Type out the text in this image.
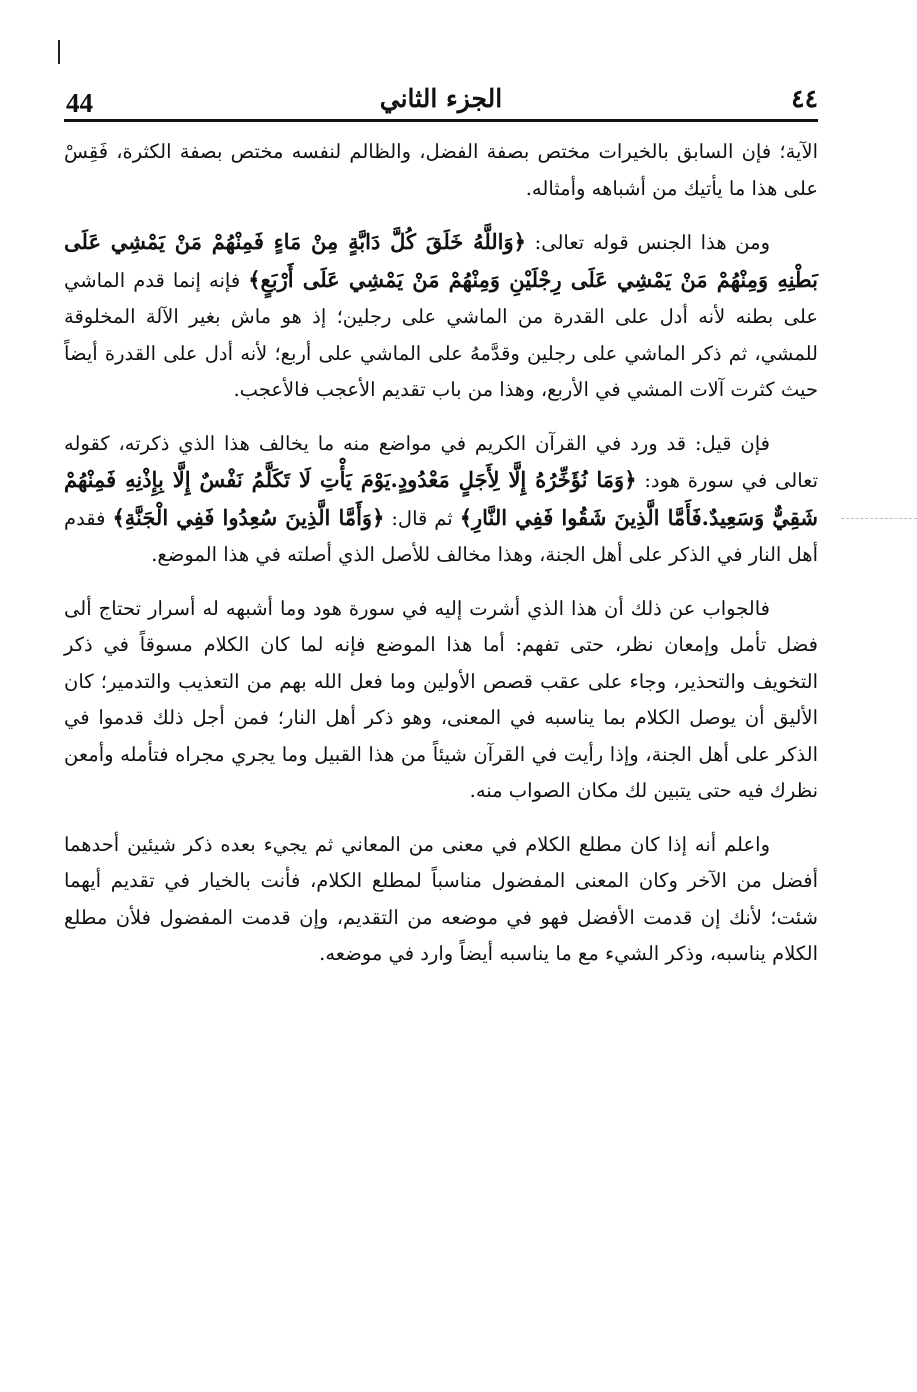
44	الجزء الثاني	٤٤

الآية؛ فإن السابق بالخيرات مختص بصفة الفضل، والظالم لنفسه مختص بصفة الكثرة، فَقِسْ على هذا ما يأتيك من أشباهه وأمثاله.

ومن هذا الجنس قوله تعالى: ﴿وَاللَّهُ خَلَقَ كُلَّ دَابَّةٍ مِنْ مَاءٍ فَمِنْهُمْ مَنْ يَمْشِي عَلَى بَطْنِهِ وَمِنْهُمْ مَنْ يَمْشِي عَلَى رِجْلَيْنِ وَمِنْهُمْ مَنْ يَمْشِي عَلَى أَرْبَعٍ﴾ فإنه إنما قدم الماشي على بطنه لأنه أدل على القدرة من الماشي على رجلين؛ إذ هو ماش بغير الآلة المخلوقة للمشي، ثم ذكر الماشي على رجلين وقدَّمهُ على الماشي على أربع؛ لأنه أدل على القدرة أيضاً حيث كثرت آلات المشي في الأربع، وهذا من باب تقديم الأعجب فالأعجب.

فإن قيل: قد ورد في القرآن الكريم في مواضع منه ما يخالف هذا الذي ذكرته، كقوله تعالى في سورة هود: ﴿وَمَا نُؤَخِّرُهُ إِلَّا لِأَجَلٍ مَعْدُودٍ.يَوْمَ يَأْتِ لَا تَكَلَّمُ نَفْسٌ إِلَّا بِإِذْنِهِ فَمِنْهُمْ شَقِيٌّ وَسَعِيدٌ.فَأَمَّا الَّذِينَ شَقُوا فَفِي النَّارِ﴾ ثم قال: ﴿وَأَمَّا الَّذِينَ سُعِدُوا فَفِي الْجَنَّةِ﴾ فقدم أهل النار في الذكر على أهل الجنة، وهذا مخالف للأصل الذي أصلته في هذا الموضع.

فالجواب عن ذلك أن هذا الذي أشرت إليه في سورة هود وما أشبهه له أسرار تحتاج ألى فضل تأمل وإمعان نظر، حتى تفهم: أما هذا الموضع فإنه لما كان الكلام مسوقاً في ذكر التخويف والتحذير، وجاء على عقب قصص الأولين وما فعل الله بهم من التعذيب والتدمير؛ كان الأليق أن يوصل الكلام بما يناسبه في المعنى، وهو ذكر أهل النار؛ فمن أجل ذلك قدموا في الذكر على أهل الجنة، وإذا رأيت في القرآن شيئاً من هذا القبيل وما يجري مجراه فتأمله وأمعن نظرك فيه حتى يتبين لك مكان الصواب منه.

واعلم أنه إذا كان مطلع الكلام في معنى من المعاني ثم يجيء بعده ذكر شيئين أحدهما أفضل من الآخر وكان المعنى المفضول مناسباً لمطلع الكلام، فأنت بالخيار في تقديم أيهما شئت؛ لأنك إن قدمت الأفضل فهو في موضعه من التقديم، وإن قدمت المفضول فلأن مطلع الكلام يناسبه، وذكر الشيء مع ما يناسبه أيضاً وارد في موضعه.
